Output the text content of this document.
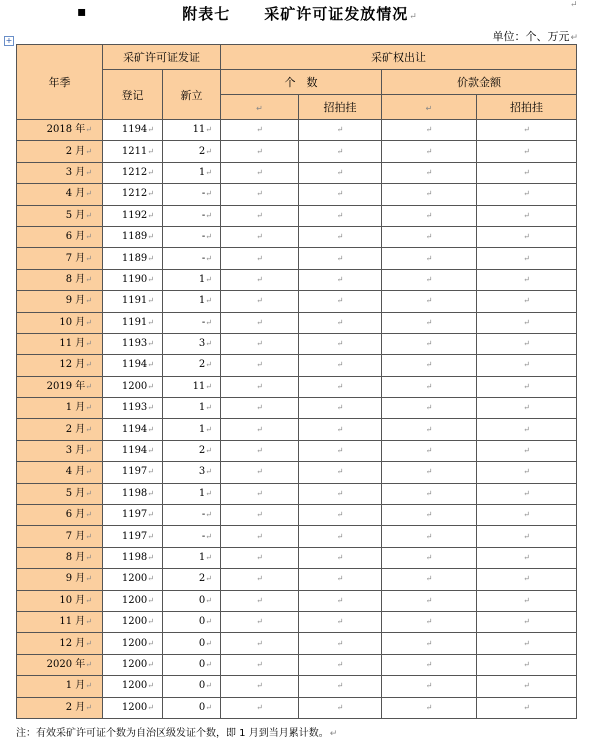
▪	附表七 采矿许可证发放情况↵
↵
单位：个、万元↵
+
年季	采矿许可证发证		采矿权出让			
	登记	新立	个　数		价款金额	
			↵	招拍挂	↵	招拍挂
2018 年↵	1194↵	11↵	↵	↵	↵	↵
2 月↵	1211↵	2↵	↵	↵	↵	↵
3 月↵	1212↵	1↵	↵	↵	↵	↵
4 月↵	1212↵	-↵	↵	↵	↵	↵
5 月↵	1192↵	-↵	↵	↵	↵	↵
6 月↵	1189↵	-↵	↵	↵	↵	↵
7 月↵	1189↵	-↵	↵	↵	↵	↵
8 月↵	1190↵	1↵	↵	↵	↵	↵
9 月↵	1191↵	1↵	↵	↵	↵	↵
10 月↵	1191↵	-↵	↵	↵	↵	↵
11 月↵	1193↵	3↵	↵	↵	↵	↵
12 月↵	1194↵	2↵	↵	↵	↵	↵
2019 年↵	1200↵	11↵	↵	↵	↵	↵
1 月↵	1193↵	1↵	↵	↵	↵	↵
2 月↵	1194↵	1↵	↵	↵	↵	↵
3 月↵	1194↵	2↵	↵	↵	↵	↵
4 月↵	1197↵	3↵	↵	↵	↵	↵
5 月↵	1198↵	1↵	↵	↵	↵	↵
6 月↵	1197↵	-↵	↵	↵	↵	↵
7 月↵	1197↵	-↵	↵	↵	↵	↵
8 月↵	1198↵	1↵	↵	↵	↵	↵
9 月↵	1200↵	2↵	↵	↵	↵	↵
10 月↵	1200↵	0↵	↵	↵	↵	↵
11 月↵	1200↵	0↵	↵	↵	↵	↵
12 月↵	1200↵	0↵	↵	↵	↵	↵
2020 年↵	1200↵	0↵	↵	↵	↵	↵
1 月↵	1200↵	0↵	↵	↵	↵	↵
2 月↵	1200↵	0↵	↵	↵	↵	↵
注：有效采矿许可证个数为自治区级发证个数，即 1 月到当月累计数。↵
